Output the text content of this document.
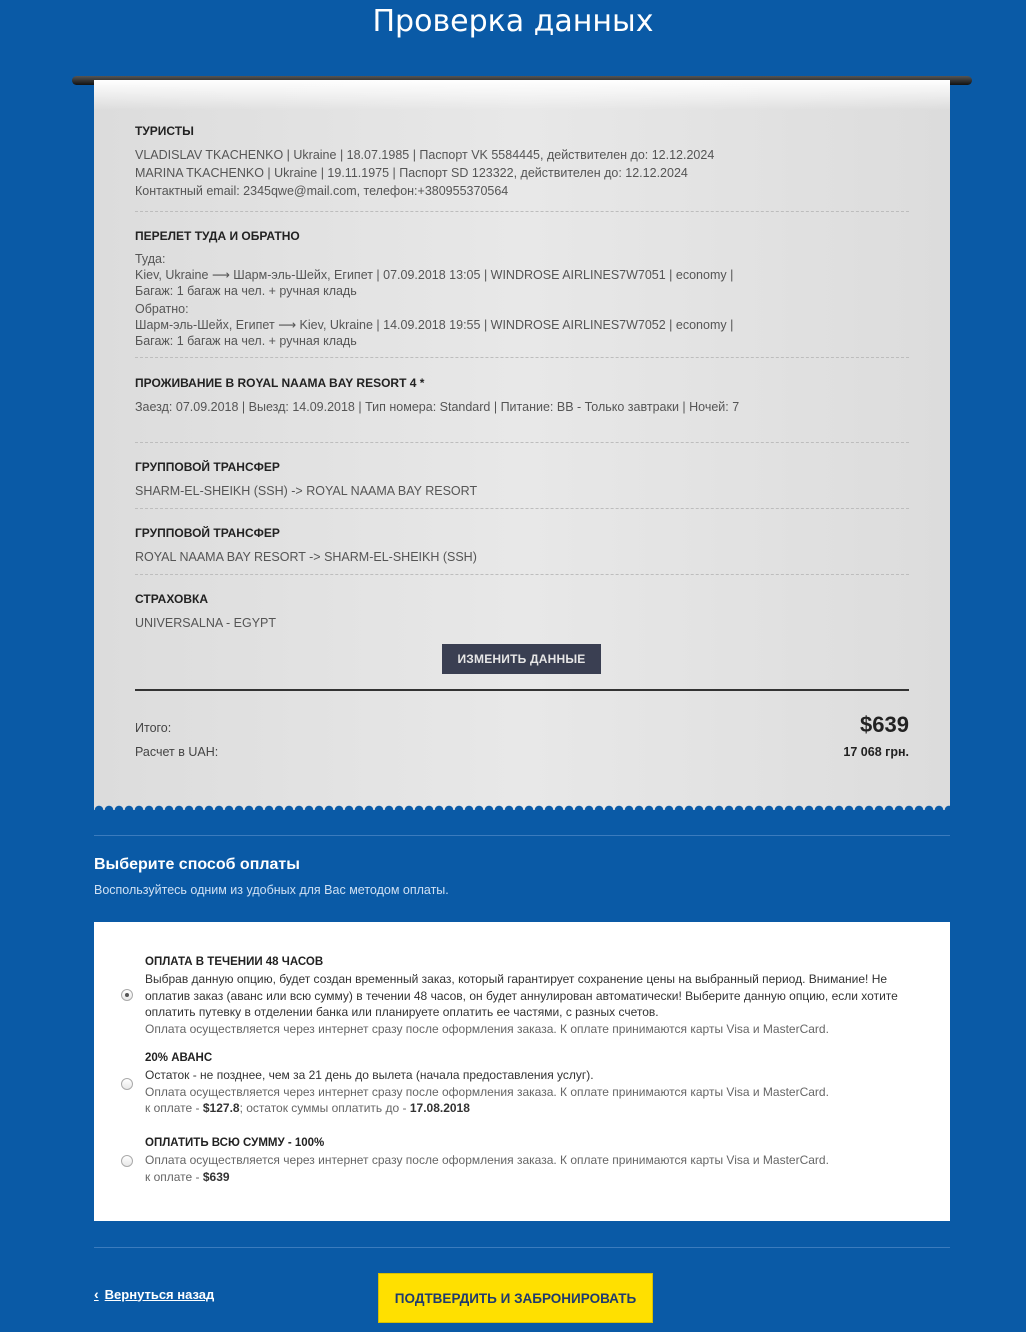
Проверка данных
ТУРИСТЫ
VLADISLAV TKACHENKO | Ukraine | 18.07.1985 | Паспорт VK 5584445, действителен до: 12.12.2024
MARINA TKACHENKO | Ukraine | 19.11.1975 | Паспорт SD 123322, действителен до: 12.12.2024
Контактный email: 2345qwe@mail.com, телефон:+380955370564
ПЕРЕЛЕТ ТУДА И ОБРАТНО
Туда:
Kiev, Ukraine ⟶ Шарм-эль-Шейх, Египет | 07.09.2018 13:05 | WINDROSE AIRLINES7W7051 | economy |
Багаж: 1 багаж на чел. + ручная кладь
Обратно:
Шарм-эль-Шейх, Египет ⟶ Kiev, Ukraine | 14.09.2018 19:55 | WINDROSE AIRLINES7W7052 | economy |
Багаж: 1 багаж на чел. + ручная кладь
ПРОЖИВАНИЕ В ROYAL NAAMA BAY RESORT 4 *
Заезд: 07.09.2018 | Выезд: 14.09.2018 | Тип номера: Standard | Питание: BB - Только завтраки | Ночей: 7
ГРУППОВОЙ ТРАНСФЕР
SHARM-EL-SHEIKH (SSH) -> ROYAL NAAMA BAY RESORT
ГРУППОВОЙ ТРАНСФЕР
ROYAL NAAMA BAY RESORT -> SHARM-EL-SHEIKH (SSH)
СТРАХОВКА
UNIVERSALNA - EGYPT
ИЗМЕНИТЬ ДАННЫЕ
Итого:	$639
Расчет в UAH:	17 068 грн.
Выберите способ оплаты
Воспользуйтесь одним из удобных для Вас методом оплаты.
ОПЛАТА В ТЕЧЕНИИ 48 ЧАСОВ
Выбрав данную опцию, будет создан временный заказ, который гарантирует сохранение цены на выбранный период. Внимание! Не
оплатив заказ (аванс или всю сумму) в течении 48 часов, он будет аннулирован автоматически! Выберите данную опцию, если хотите
оплатить путевку в отделении банка или планируете оплатить ее частями, с разных счетов.
Оплата осуществляется через интернет сразу после оформления заказа. К оплате принимаются карты Visa и MasterCard.
20% АВАНС
Остаток - не позднее, чем за 21 день до вылета (начала предоставления услуг).
Оплата осуществляется через интернет сразу после оформления заказа. К оплате принимаются карты Visa и MasterCard.
к оплате - $127.8; остаток суммы оплатить до - 17.08.2018
ОПЛАТИТЬ ВСЮ СУММУ - 100%
Оплата осуществляется через интернет сразу после оформления заказа. К оплате принимаются карты Visa и MasterCard.
к оплате - $639
‹ Вернуться назад	ПОДТВЕРДИТЬ И ЗАБРОНИРОВАТЬ
